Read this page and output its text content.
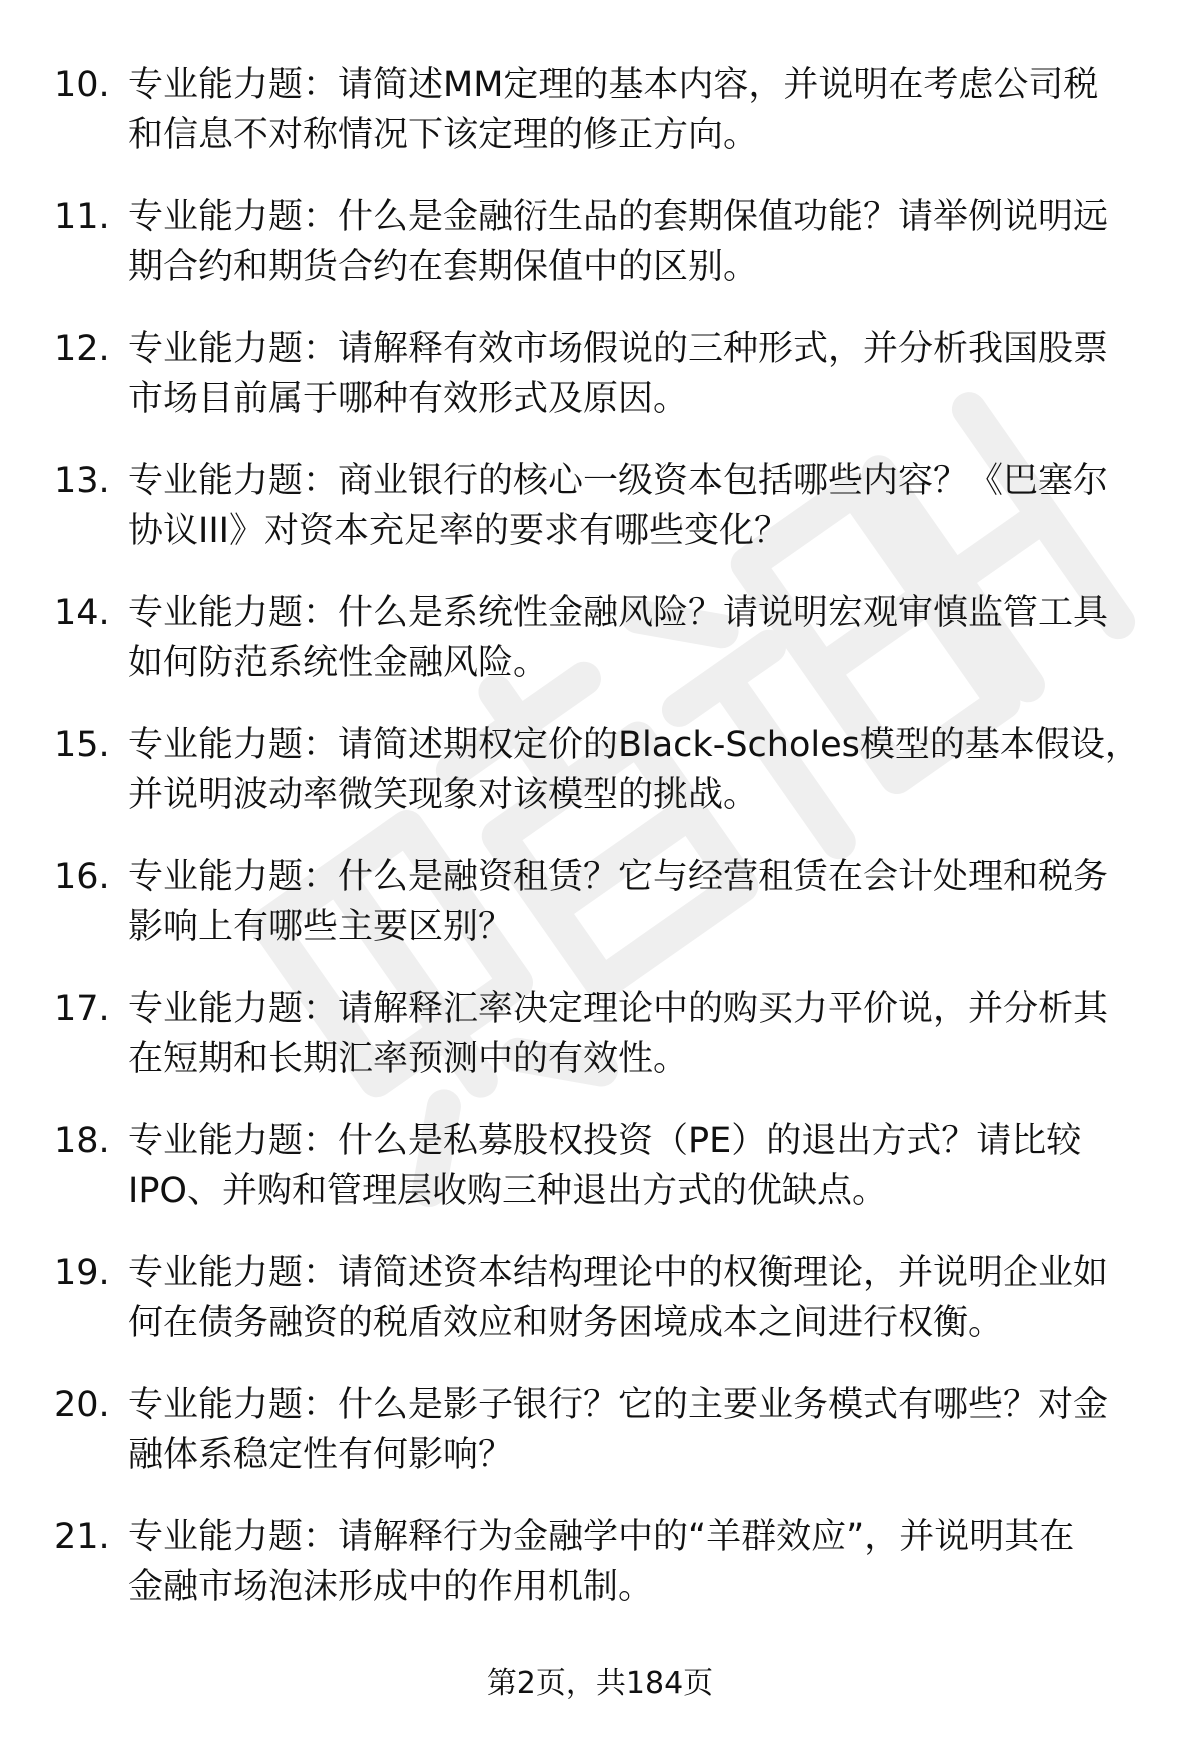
10. 专业能力题：请简述MM定理的基本内容，并说明在考虑公司税
和信息不对称情况下该定理的修正方向。
11. 专业能力题：什么是金融衍生品的套期保值功能？请举例说明远
期合约和期货合约在套期保值中的区别。
12. 专业能力题：请解释有效市场假说的三种形式，并分析我国股票
市场目前属于哪种有效形式及原因。
13. 专业能力题：商业银行的核心一级资本包括哪些内容？《巴塞尔
协议III》对资本充足率的要求有哪些变化？
14. 专业能力题：什么是系统性金融风险？请说明宏观审慎监管工具
如何防范系统性金融风险。
15. 专业能力题：请简述期权定价的Black-Scholes模型的基本假设，
并说明波动率微笑现象对该模型的挑战。
16. 专业能力题：什么是融资租赁？它与经营租赁在会计处理和税务
影响上有哪些主要区别？
17. 专业能力题：请解释汇率决定理论中的购买力平价说，并分析其
在短期和长期汇率预测中的有效性。
18. 专业能力题：什么是私募股权投资（PE）的退出方式？请比较
IPO、并购和管理层收购三种退出方式的优缺点。
19. 专业能力题：请简述资本结构理论中的权衡理论，并说明企业如
何在债务融资的税盾效应和财务困境成本之间进行权衡。
20. 专业能力题：什么是影子银行？它的主要业务模式有哪些？对金
融体系稳定性有何影响？
21. 专业能力题：请解释行为金融学中的“羊群效应”，并说明其在
金融市场泡沫形成中的作用机制。
第2页，共184页
